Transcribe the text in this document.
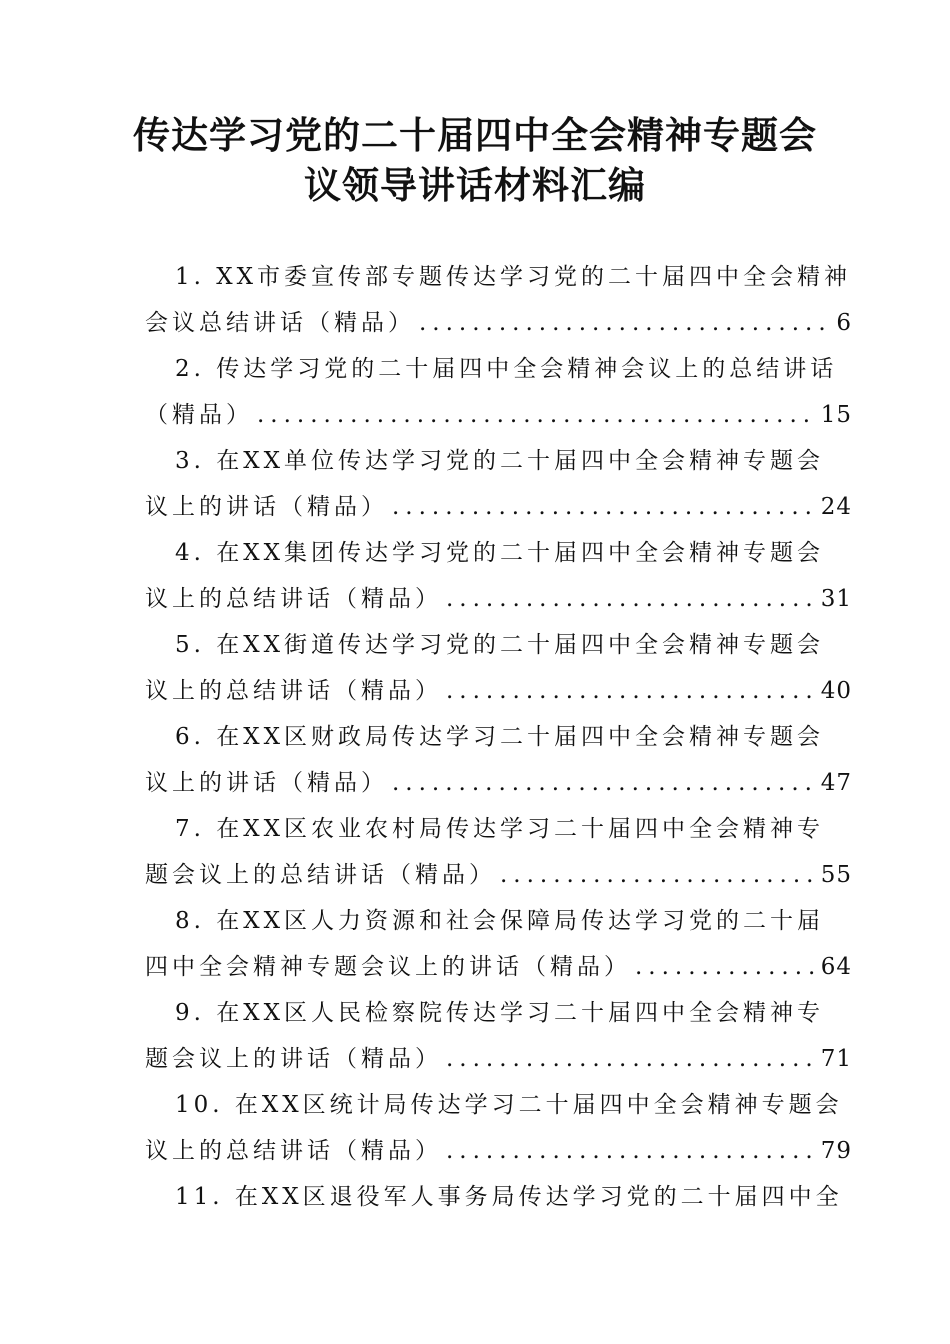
传达学习党的二十届四中全会精神专题会
议领导讲话材料汇编
1. XX市委宣传部专题传达学习党的二十届四中全会精神
会议总结讲话（精品） .....	6
2. 传达学习党的二十届四中全会精神会议上的总结讲话
（精品） .....	15
3. 在XX单位传达学习党的二十届四中全会精神专题会
议上的讲话（精品） .....	24
4. 在XX集团传达学习党的二十届四中全会精神专题会
议上的总结讲话（精品） .....	31
5. 在XX街道传达学习党的二十届四中全会精神专题会
议上的总结讲话（精品） .....	40
6. 在XX区财政局传达学习二十届四中全会精神专题会
议上的讲话（精品） .....	47
7. 在XX区农业农村局传达学习二十届四中全会精神专
题会议上的总结讲话（精品） .....	55
8. 在XX区人力资源和社会保障局传达学习党的二十届
四中全会精神专题会议上的讲话（精品） .....	64
9. 在XX区人民检察院传达学习二十届四中全会精神专
题会议上的讲话（精品） .....	71
10. 在XX区统计局传达学习二十届四中全会精神专题会
议上的总结讲话（精品） .....	79
11. 在XX区退役军人事务局传达学习党的二十届四中全
